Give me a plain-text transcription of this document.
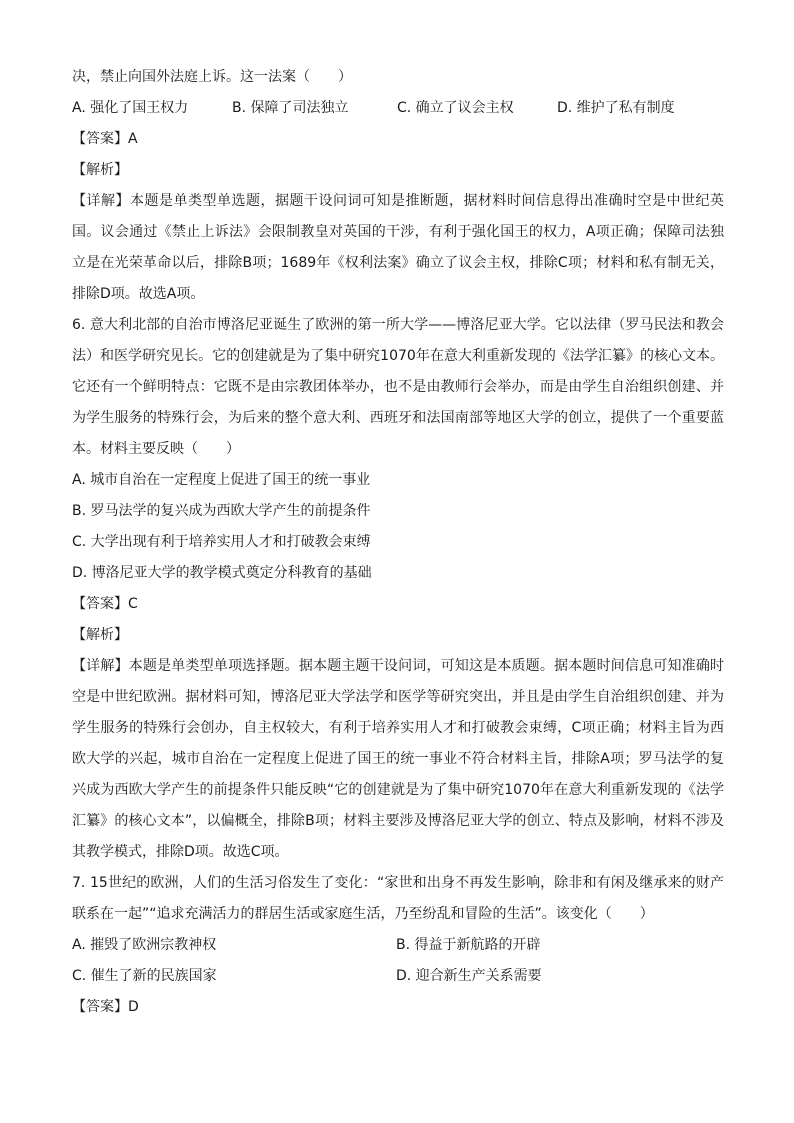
决，禁止向国外法庭上诉。这一法案（　　）
A. 强化了国王权力	B. 保障了司法独立	C. 确立了议会主权	D. 维护了私有制度
【答案】A
【解析】
【详解】本题是单类型单选题，据题干设问词可知是推断题，据材料时间信息得出准确时空是中世纪英国。议会通过《禁止上诉法》会限制教皇对英国的干涉，有利于强化国王的权力，A项正确；保障司法独立是在光荣革命以后，排除B项；1689年《权利法案》确立了议会主权，排除C项；材料和私有制无关，排除D项。故选A项。
6. 意大利北部的自治市博洛尼亚诞生了欧洲的第一所大学——博洛尼亚大学。它以法律（罗马民法和教会法）和医学研究见长。它的创建就是为了集中研究1070年在意大利重新发现的《法学汇纂》的核心文本。它还有一个鲜明特点：它既不是由宗教团体举办，也不是由教师行会举办，而是由学生自治组织创建、并为学生服务的特殊行会，为后来的整个意大利、西班牙和法国南部等地区大学的创立，提供了一个重要蓝本。材料主要反映（　　）
A. 城市自治在一定程度上促进了国王的统一事业
B. 罗马法学的复兴成为西欧大学产生的前提条件
C. 大学出现有利于培养实用人才和打破教会束缚
D. 博洛尼亚大学的教学模式奠定分科教育的基础
【答案】C
【解析】
【详解】本题是单类型单项选择题。据本题主题干设问词，可知这是本质题。据本题时间信息可知准确时空是中世纪欧洲。据材料可知，博洛尼亚大学法学和医学等研究突出，并且是由学生自治组织创建、并为学生服务的特殊行会创办，自主权较大，有利于培养实用人才和打破教会束缚，C项正确；材料主旨为西欧大学的兴起，城市自治在一定程度上促进了国王的统一事业不符合材料主旨，排除A项；罗马法学的复兴成为西欧大学产生的前提条件只能反映“它的创建就是为了集中研究1070年在意大利重新发现的《法学汇纂》的核心文本”，以偏概全，排除B项；材料主要涉及博洛尼亚大学的创立、特点及影响，材料不涉及其教学模式，排除D项。故选C项。
7. 15世纪的欧洲，人们的生活习俗发生了变化：“家世和出身不再发生影响，除非和有闲及继承来的财产联系在一起”“追求充满活力的群居生活或家庭生活，乃至纷乱和冒险的生活”。该变化（　　）
A. 摧毁了欧洲宗教神权	B. 得益于新航路的开辟
C. 催生了新的民族国家	D. 迎合新生产关系需要
【答案】D
